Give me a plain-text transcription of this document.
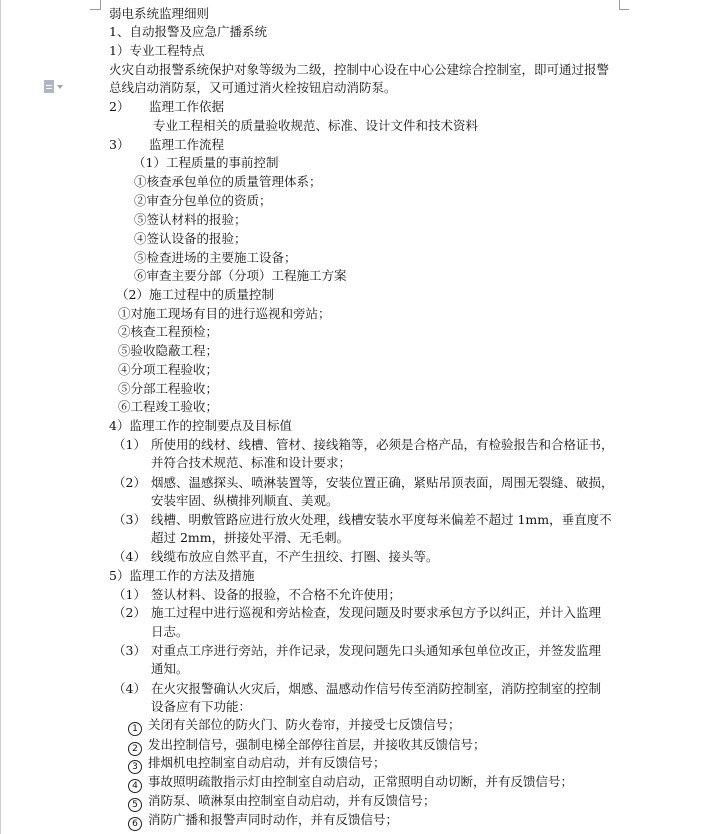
弱电系统监理细则
1、自动报警及应急广播系统
1）专业工程特点
火灾自动报警系统保护对象等级为二级，控制中心设在中心公建综合控制室，即可通过报警
总线启动消防泵，又可通过消火栓按钮启动消防泵。
2） 监理工作依据
专业工程相关的质量验收规范、标准、设计文件和技术资料
3） 监理工作流程
（1）工程质量的事前控制
①核查承包单位的质量管理体系；
②审查分包单位的资质；
⑤签认材料的报验；
④签认设备的报验；
⑤检查进场的主要施工设备；
⑥审查主要分部（分项）工程施工方案
（2）施工过程中的质量控制
①对施工现场有目的进行巡视和旁站；
②核查工程预检；
⑤验收隐蔽工程；
④分项工程验收；
⑤分部工程验收；
⑥工程竣工验收；
4）监理工作的控制要点及目标值
（1） 所使用的线材、线槽、管材、接线箱等，必须是合格产品，有检验报告和合格证书，
并符合技术规范、标准和设计要求；
（2） 烟感、温感探头、喷淋装置等，安装位置正确，紧贴吊顶表面，周围无裂缝、破损，
安装牢固、纵横排列顺直、美观。
（3） 线槽、明敷管路应进行放火处理，线槽安装水平度每米偏差不超过 1mm，垂直度不
超过 2mm，拼接处平滑、无毛刺。
（4） 线缆布放应自然平直，不产生扭绞、打圈、接头等。
5）监理工作的方法及措施
（1） 签认材料、设备的报验，不合格不允许使用；
（2） 施工过程中进行巡视和旁站检查，发现问题及时要求承包方予以纠正，并计入监理
日志。
（3） 对重点工序进行旁站，并作记录，发现问题先口头通知承包单位改正，并签发监理
通知。
（4） 在火灾报警确认火灾后，烟感、温感动作信号传至消防控制室，消防控制室的控制
设备应有下功能：
1 关闭有关部位的防火门、防火卷帘，并接受七反馈信号；
2 发出控制信号，强制电梯全部停往首层，并接收其反馈信号；
3 排烟机电控制室自动启动，并有反馈信号；
4 事故照明疏散指示灯由控制室自动启动，正常照明自动切断，并有反馈信号；
5 消防泵、喷淋泵由控制室自动启动，并有反馈信号；
6 消防广播和报警声同时动作，并有反馈信号；
